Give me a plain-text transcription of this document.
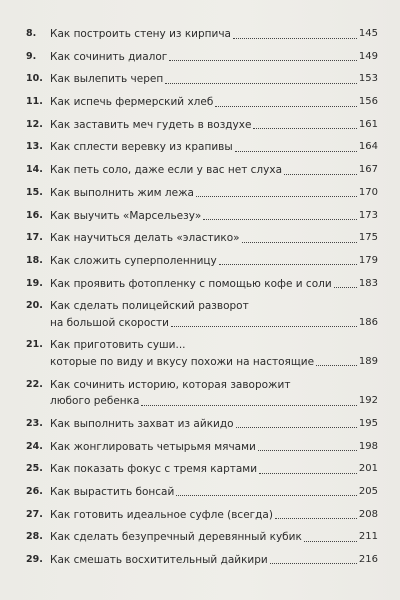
8.	Как построить стену из кирпича	145
9.	Как сочинить диалог	149
10. Как вылепить череп	153
11. Как испечь фермерский хлеб	156
12. Как заставить меч гудеть в воздухе	161
13. Как сплести веревку из крапивы	164
14. Как петь соло, даже если у вас нет слуха	167
15. Как выполнить жим лежа	170
16. Как выучить «Марсельезу»	173
17. Как научиться делать «эластико»	175
18. Как сложить суперполенницу	179
19. Как проявить фотопленку с помощью кофе и соли	183
20. Как сделать полицейский разворот
на большой скорости	186
21. Как приготовить суши...
которые по виду и вкусу похожи на настоящие	189
22. Как сочинить историю, которая заворожит
любого ребенка	192
23. Как выполнить захват из айкидо	195
24. Как жонглировать четырьмя мячами	198
25. Как показать фокус с тремя картами	201
26. Как вырастить бонсай	205
27. Как готовить идеальное суфле (всегда)	208
28. Как сделать безупречный деревянный кубик	211
29. Как смешать восхитительный дайкири	216
